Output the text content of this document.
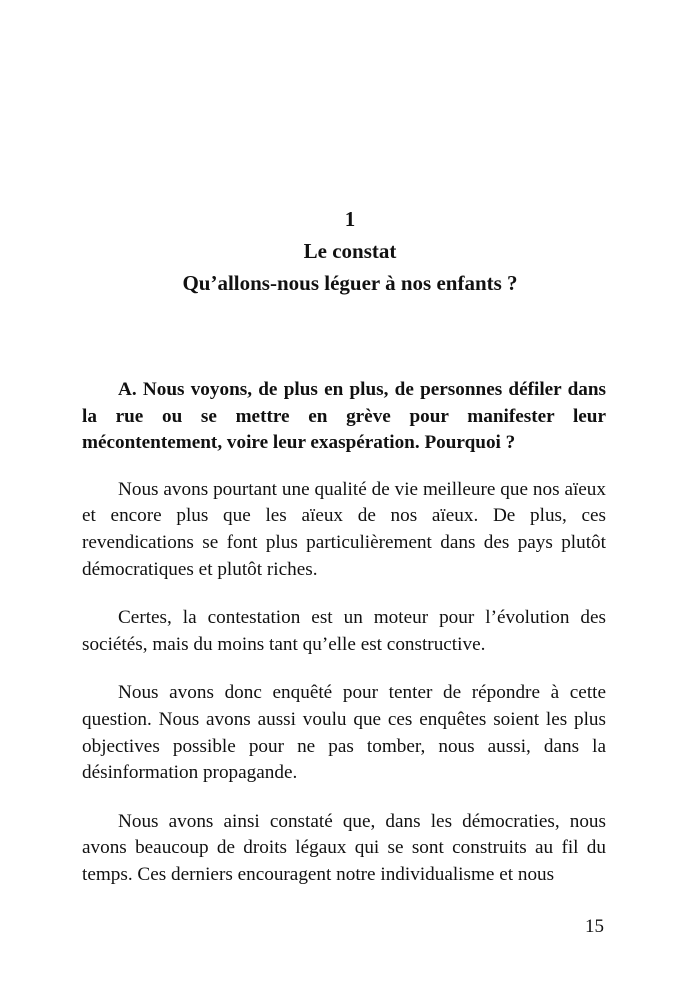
1
Le constat
Qu’allons-nous léguer à nos enfants ?

A. Nous voyons, de plus en plus, de personnes défiler dans la rue ou se mettre en grève pour manifester leur mécontentement, voire leur exaspération. Pourquoi ?

Nous avons pourtant une qualité de vie meilleure que nos aïeux et encore plus que les aïeux de nos aïeux. De plus, ces revendications se font plus particulièrement dans des pays plutôt démocratiques et plutôt riches.

Certes, la contestation est un moteur pour l’évolution des sociétés, mais du moins tant qu’elle est constructive.

Nous avons donc enquêté pour tenter de répondre à cette question. Nous avons aussi voulu que ces enquêtes soient les plus objectives possible pour ne pas tomber, nous aussi, dans la désinformation propagande.

Nous avons ainsi constaté que, dans les démocraties, nous avons beaucoup de droits légaux qui se sont construits au fil du temps. Ces derniers encouragent notre individualisme et nous

15
